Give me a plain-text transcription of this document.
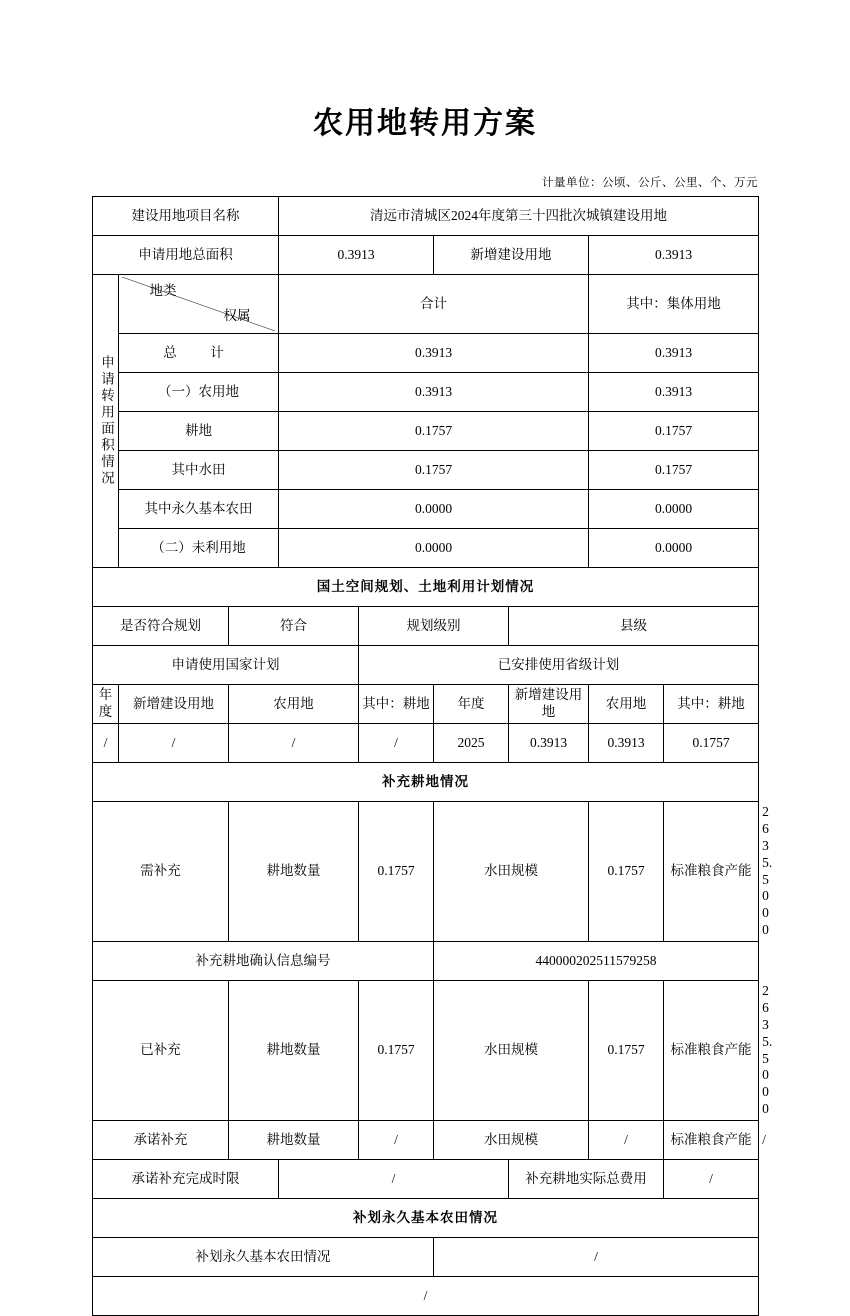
农用地转用方案
计量单位：公顷、公斤、公里、个、万元
建设用地项目名称			清远市清城区2024年度第三十四批次城镇建设用地						
申请用地总面积			0.3913		新增建设用地		0.3913		

申请转用面积情况	地类
权属		合计				其中：集体用地		
	总　计		0.3913				0.3913		
	（一）农用地		0.3913				0.3913		
	耕地		0.1757				0.1757		
	其中水田		0.1757				0.1757		
	其中永久基本农田		0.0000				0.0000		
	（二）未利用地		0.0000				0.0000		
国土空间规划、土地利用计划情况									
是否符合规划		符合		规划级别		县级			
申请使用国家计划				已安排使用省级计划					
年度	新增建设用地	农用地		其中：耕地	年度	新增建设用地	农用地	其中：耕地	
/	/	/		/	2025	0.3913	0.3913	0.1757	
补充耕地情况									
需补充		耕地数量		0.1757	水田规模		0.1757	标准粮食产能	2635.5000
补充耕地确认信息编号					440000202511579258				
已补充		耕地数量		0.1757	水田规模		0.1757	标准粮食产能	2635.5000
承诺补充		耕地数量		/	水田规模		/	标准粮食产能	/
承诺补充完成时限			/			补充耕地实际总费用		/	
补划永久基本农田情况									
补划永久基本农田情况					/				
/									
